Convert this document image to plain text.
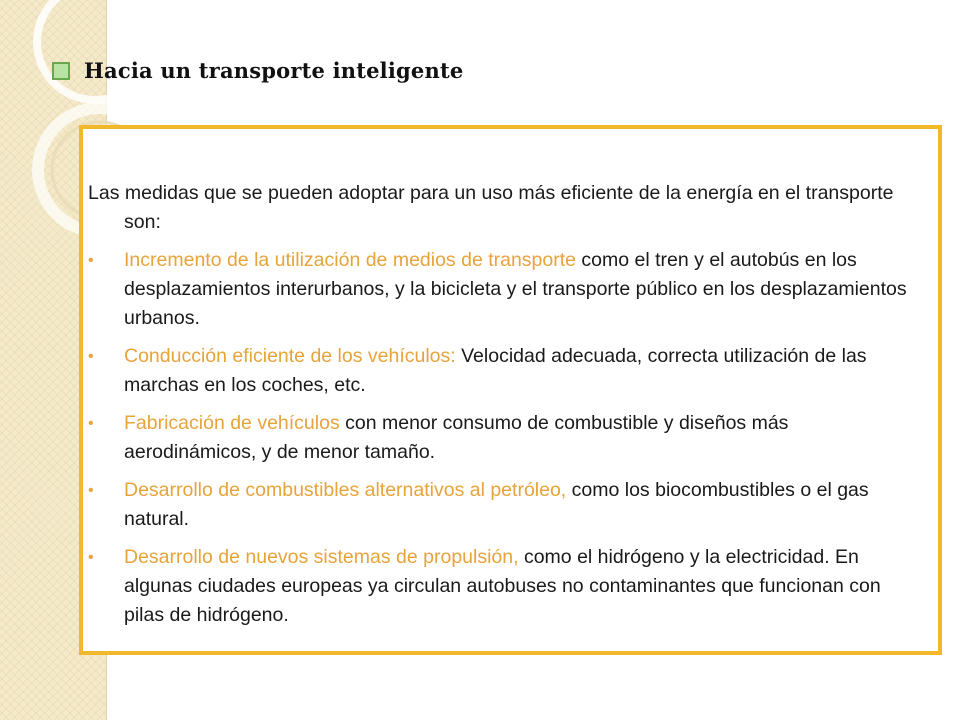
Hacia un transporte inteligente

Las medidas que se pueden adoptar para un uso más eficiente de la energía en el transporte son:

• Incremento de la utilización de medios de transporte como el tren y el autobús en los desplazamientos interurbanos, y la bicicleta y el transporte público en los desplazamientos urbanos.
• Conducción eficiente de los vehículos: Velocidad adecuada, correcta utilización de las marchas en los coches, etc.
• Fabricación de vehículos con menor consumo de combustible y diseños más aerodinámicos, y de menor tamaño.
• Desarrollo de combustibles alternativos al petróleo, como los biocombustibles o el gas natural.
• Desarrollo de nuevos sistemas de propulsión, como el hidrógeno y la electricidad. En algunas ciudades europeas ya circulan autobuses no contaminantes que funcionan con pilas de hidrógeno.
